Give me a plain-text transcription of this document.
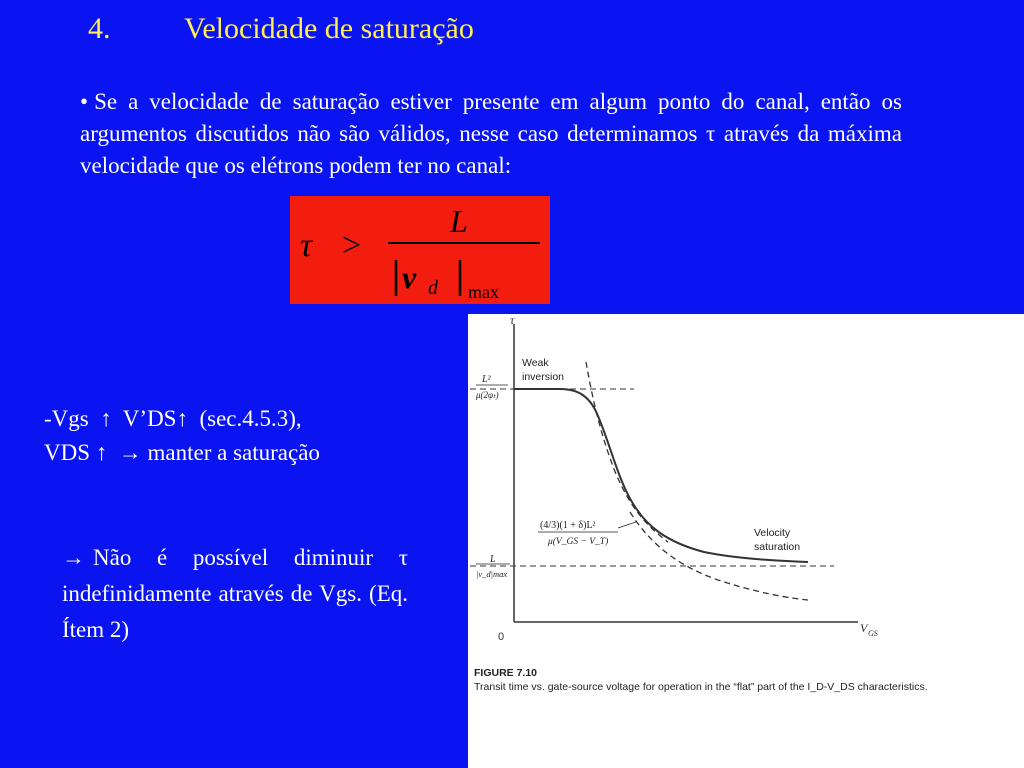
4. Velocidade de saturação
• Se a velocidade de saturação estiver presente em algum ponto do canal, então os argumentos discutidos não são válidos, nesse caso determinamos τ através da máxima velocidade que os elétrons podem ter no canal:
τ >
L
v d max
-Vgs  ↑  V’DS↑  (sec.4.5.3),
VDS ↑  → manter a saturação
→ Não é possível diminuir τ indefinidamente através de Vgs. (Eq. Ítem 2)
τ
V GS
0
Weak
inversion
Velocity
saturation
L²
μ(2φₜ)
L
|v_d|max
(4/3)(1 + δ)L²
μ(V_GS − V_T)
FIGURE 7.10
Transit time vs. gate-source voltage for operation in the “flat” part of the I_D-V_DS characteristics.
